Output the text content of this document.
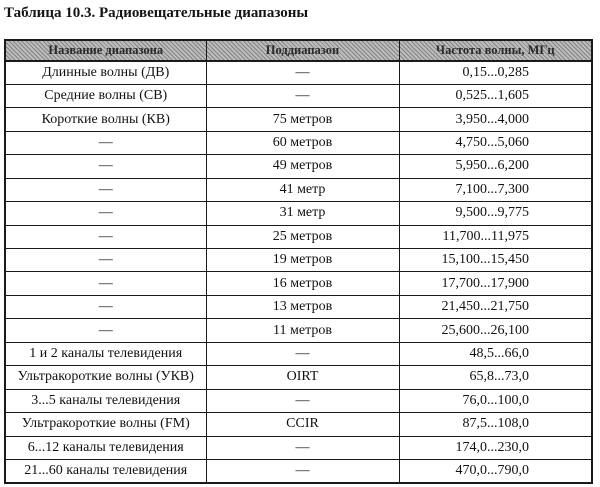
Таблица 10.3. Радиовещательные диапазоны
Название диапазона	Поддиапазон	Частота волны, МГц
Длинные волны (ДВ)	—	0,15...0,285
Средние волны (СВ)	—	0,525...1,605
Короткие волны (КВ)	75 метров	3,950...4,000
—	60 метров	4,750...5,060
—	49 метров	5,950...6,200
—	41 метр	7,100...7,300
—	31 метр	9,500...9,775
—	25 метров	11,700...11,975
—	19 метров	15,100...15,450
—	16 метров	17,700...17,900
—	13 метров	21,450...21,750
—	11 метров	25,600...26,100
1 и 2 каналы телевидения	—	48,5...66,0
Ультракороткие волны (УКВ)	OIRT	65,8...73,0
3...5 каналы телевидения	—	76,0...100,0
Ультракороткие волны (FM)	CCIR	87,5...108,0
6...12 каналы телевидения	—	174,0...230,0
21...60 каналы телевидения	—	470,0...790,0
